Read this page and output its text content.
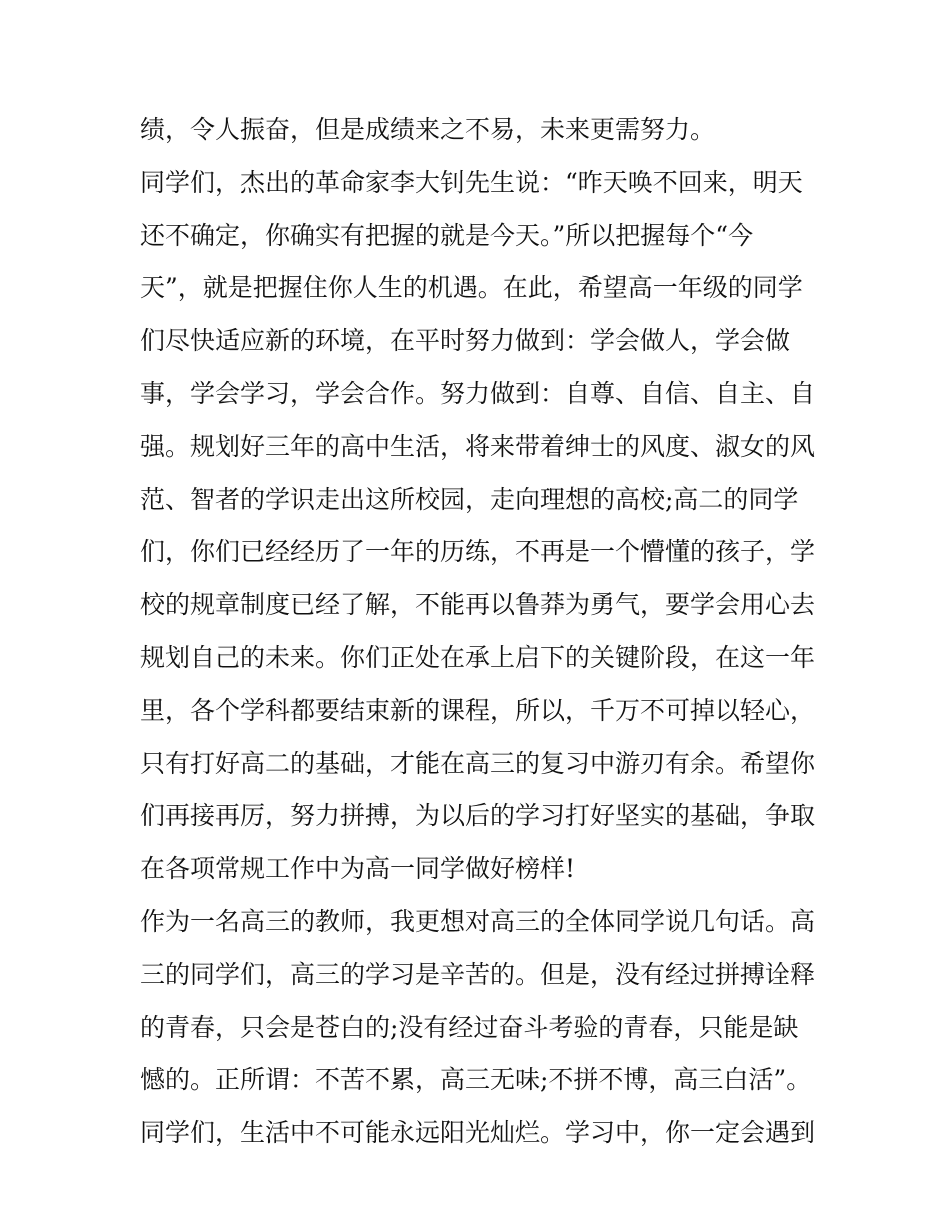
绩，令人振奋，但是成绩来之不易，未来更需努力。
同学们，杰出的革命家李大钊先生说：“昨天唤不回来，明天
还不确定，你确实有把握的就是今天。”所以把握每个“今
天”，就是把握住你人生的机遇。在此，希望高一年级的同学
们尽快适应新的环境，在平时努力做到：学会做人，学会做
事，学会学习，学会合作。努力做到：自尊、自信、自主、自
强。规划好三年的高中生活，将来带着绅士的风度、淑女的风
范、智者的学识走出这所校园，走向理想的高校;高二的同学
们，你们已经经历了一年的历练，不再是一个懵懂的孩子，学
校的规章制度已经了解，不能再以鲁莽为勇气，要学会用心去
规划自己的未来。你们正处在承上启下的关键阶段，在这一年
里，各个学科都要结束新的课程，所以，千万不可掉以轻心，
只有打好高二的基础，才能在高三的复习中游刃有余。希望你
们再接再厉，努力拼搏，为以后的学习打好坚实的基础，争取
在各项常规工作中为高一同学做好榜样!
作为一名高三的教师，我更想对高三的全体同学说几句话。高
三的同学们，高三的学习是辛苦的。但是，没有经过拼搏诠释
的青春，只会是苍白的;没有经过奋斗考验的青春，只能是缺
憾的。正所谓：不苦不累，高三无味;不拼不博，高三白活”。
同学们，生活中不可能永远阳光灿烂。学习中，你一定会遇到
